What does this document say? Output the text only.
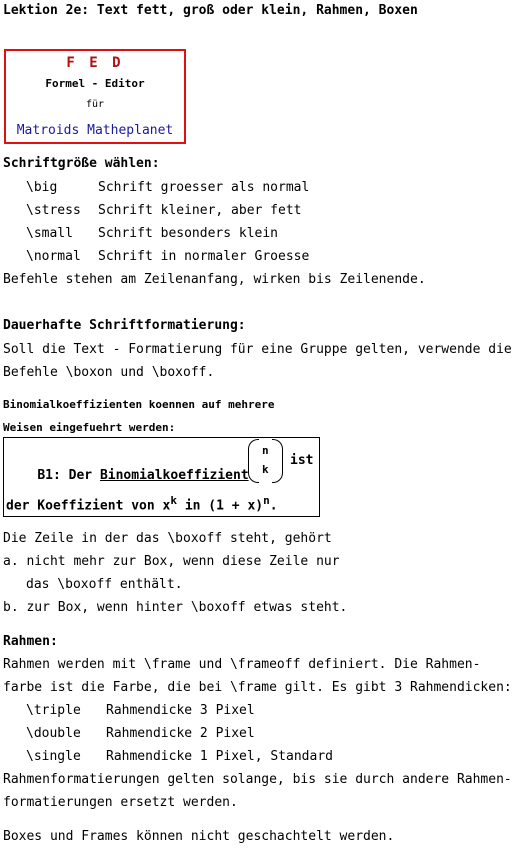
Lektion 2e: Text fett, groß oder klein, Rahmen, Boxen
F E D
Formel - Editor
für
Matroids Matheplanet
Schriftgröße wählen:
\big	Schrift groesser als normal
\stress Schrift kleiner, aber fett
\small Schrift besonders klein
\normal Schrift in normaler Groesse
Befehle stehen am Zeilenanfang, wirken bis Zeilenende.
Dauerhafte Schriftformatierung:
Soll die Text - Formatierung für eine Gruppe gelten, verwende die
Befehle \boxon und \boxoff.
Binomialkoeffizienten koennen auf mehrere
Weisen eingefuehrt werden:

B1: Der Binomialkoeffizient

n
k
ist
der Koeffizient von $x^k$ in $(1 + x)^n$.
Die Zeile in der das \boxoff steht, gehört
a. nicht mehr zur Box, wenn diese Zeile nur
das \boxoff enthält.
b. zur Box, wenn hinter \boxoff etwas steht.
Rahmen:
Rahmen werden mit \frame und \frameoff definiert. Die Rahmen-
farbe ist die Farbe, die bei \frame gilt. Es gibt 3 Rahmendicken:
\triple Rahmendicke 3 Pixel
\double Rahmendicke 2 Pixel
\single Rahmendicke 1 Pixel, Standard
Rahmenformatierungen gelten solange, bis sie durch andere Rahmen-
formatierungen ersetzt werden.
Boxes und Frames können nicht geschachtelt werden.
